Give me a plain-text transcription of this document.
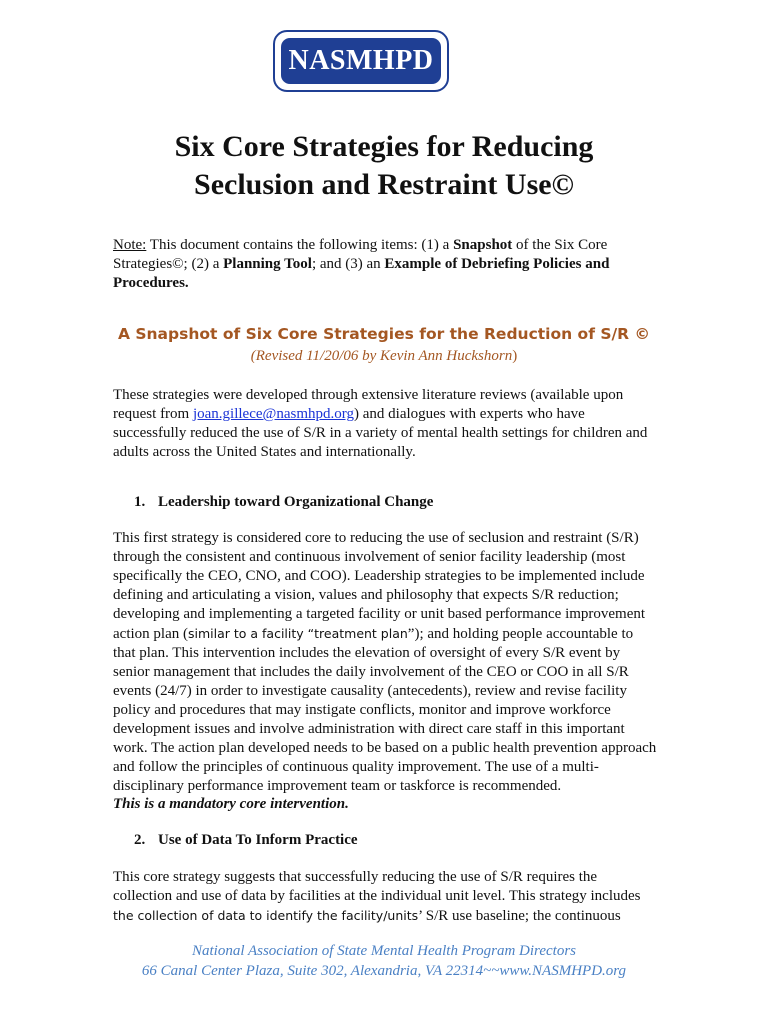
NASMHPD
Six Core Strategies for Reducing
Seclusion and Restraint Use©
Note: This document contains the following items: (1) a Snapshot of the Six Core Strategies©; (2) a Planning Tool; and (3) an Example of Debriefing Policies and Procedures.
A Snapshot of Six Core Strategies for the Reduction of S/R ©
(Revised 11/20/06 by Kevin Ann Huckshorn)
These strategies were developed through extensive literature reviews (available upon request from joan.gillece@nasmhpd.org) and dialogues with experts who have successfully reduced the use of S/R in a variety of mental health settings for children and adults across the United States and internationally.
1. Leadership toward Organizational Change
This first strategy is considered core to reducing the use of seclusion and restraint (S/R) through the consistent and continuous involvement of senior facility leadership (most specifically the CEO, CNO, and COO). Leadership strategies to be implemented include defining and articulating a vision, values and philosophy that expects S/R reduction; developing and implementing a targeted facility or unit based performance improvement action plan (similar to a facility “treatment plan”); and holding people accountable to that plan. This intervention includes the elevation of oversight of every S/R event by senior management that includes the daily involvement of the CEO or COO in all S/R events (24/7) in order to investigate causality (antecedents), review and revise facility policy and procedures that may instigate conflicts, monitor and improve workforce development issues and involve administration with direct care staff in this important work. The action plan developed needs to be based on a public health prevention approach and follow the principles of continuous quality improvement. The use of a multi-disciplinary performance improvement team or taskforce is recommended.
This is a mandatory core intervention.
2. Use of Data To Inform Practice
This core strategy suggests that successfully reducing the use of S/R requires the collection and use of data by facilities at the individual unit level. This strategy includes the collection of data to identify the facility/units’ S/R use baseline; the continuous
National Association of State Mental Health Program Directors
66 Canal Center Plaza, Suite 302, Alexandria, VA 22314~~www.NASMHPD.org
